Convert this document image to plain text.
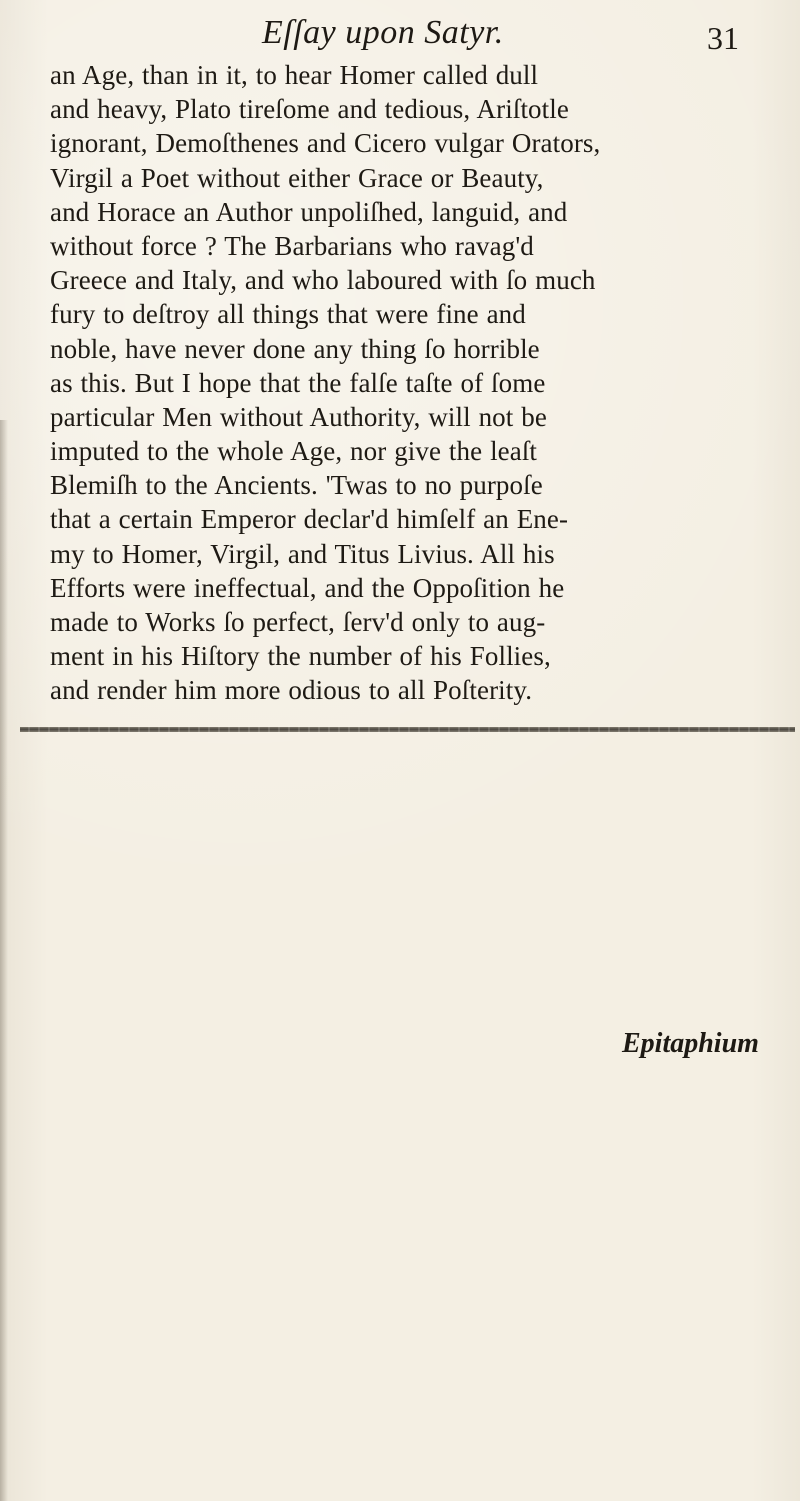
Eſſay upon Satyr.	31
an Age, than in it, to hear Homer called dull
and heavy, Plato tireſome and tedious, Ariſtotle
ignorant, Demoſthenes and Cicero vulgar Orators,
Virgil a Poet without either Grace or Beauty,
and Horace an Author unpoliſhed, languid, and
without force ? The Barbarians who ravag'd
Greece and Italy, and who laboured with ſo much
fury to deſtroy all things that were fine and
noble, have never done any thing ſo horrible
as this. But I hope that the falſe taſte of ſome
particular Men without Authority, will not be
imputed to the whole Age, nor give the leaſt
Blemiſh to the Ancients. 'Twas to no purpoſe
that a certain Emperor declar'd himſelf an Ene-
my to Homer, Virgil, and Titus Livius. All his
Efforts were ineffectual, and the Oppoſition he
made to Works ſo perfect, ſerv'd only to aug-
ment in his Hiſtory the number of his Follies,
and render him more odious to all Poſterity.
Epitaphium
